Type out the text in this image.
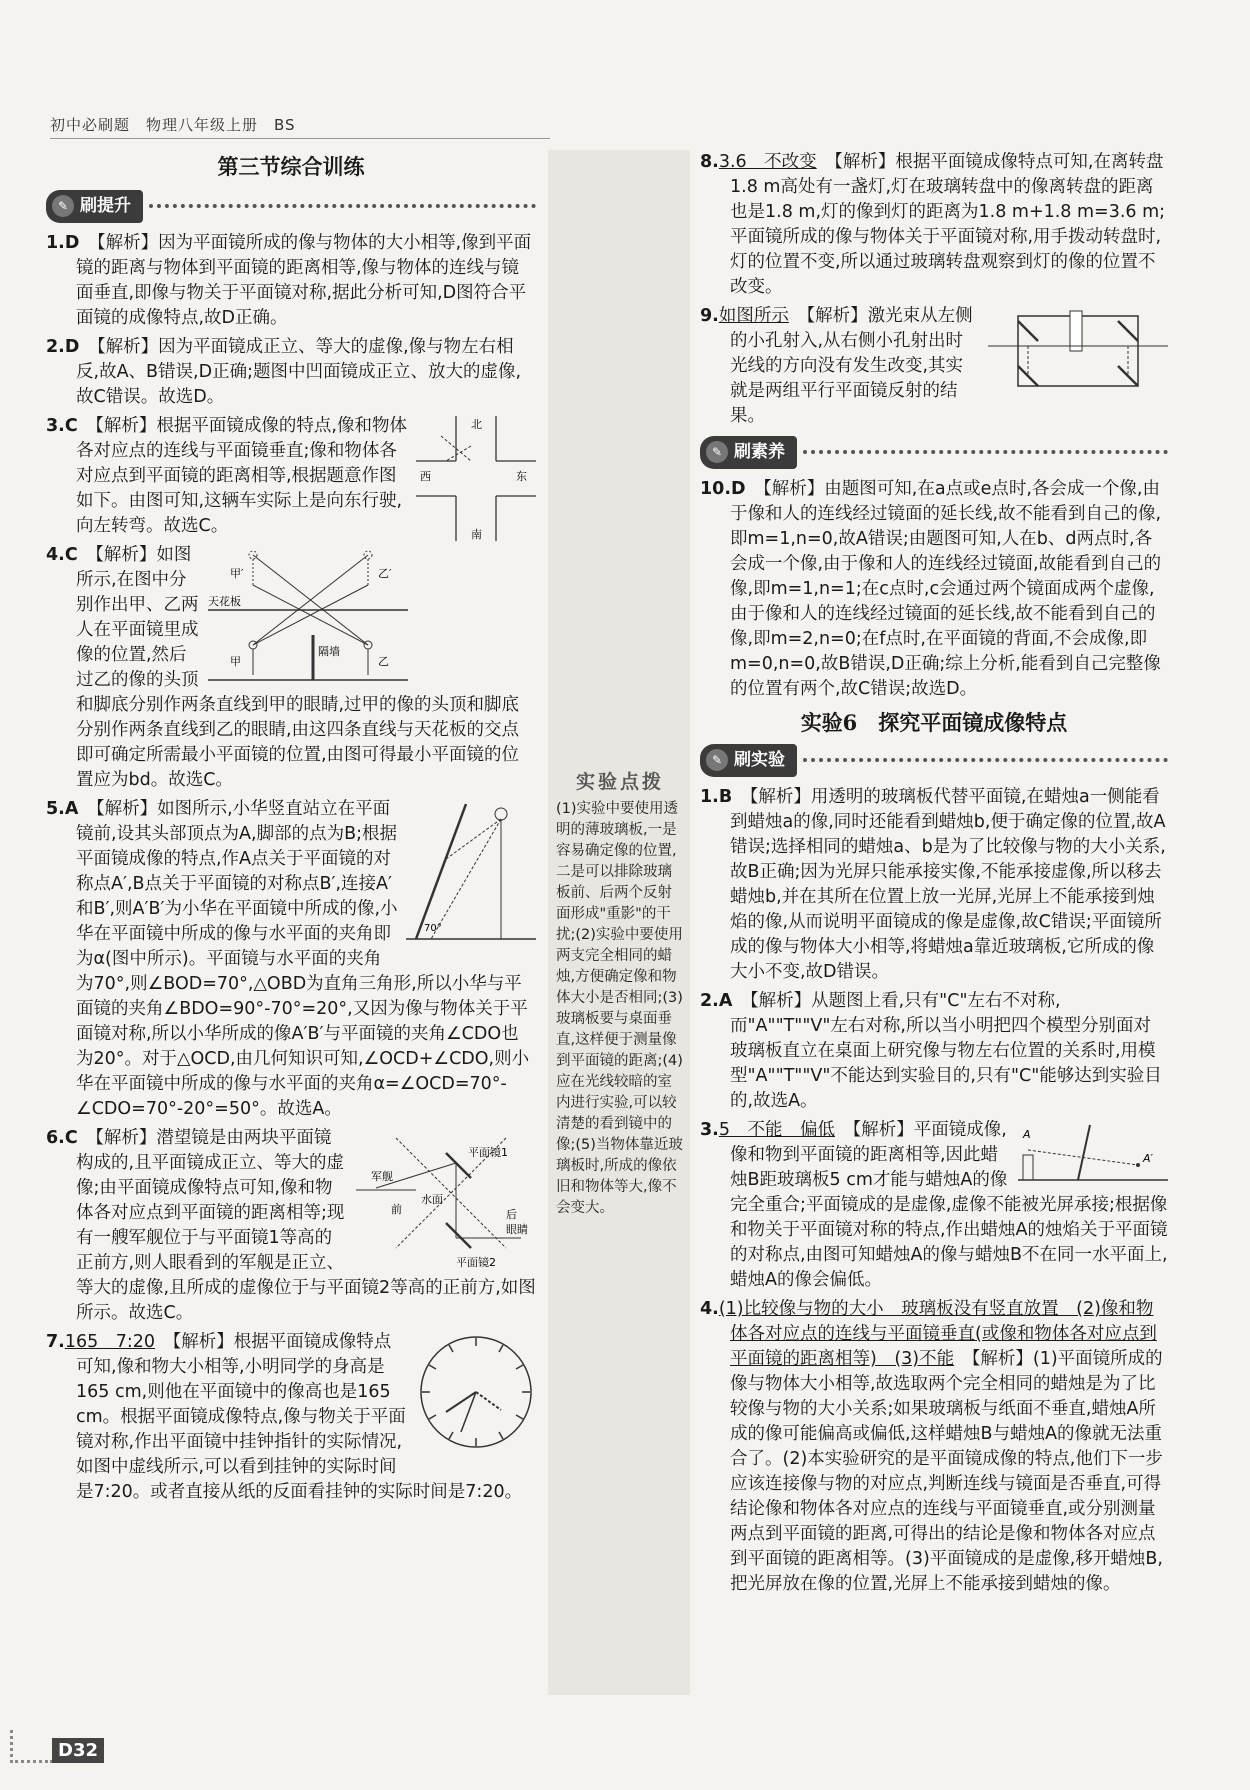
初中必刷题　物理八年级上册　BS
第三节综合训练
✎ 刷提升
1.D　 【解析】因为平面镜所成的像与物体的大小相等,像到平面镜的距离与物体到平面镜的距离相等,像与物体的连线与镜面垂直,即像与物关于平面镜对称,据此分析可知,D图符合平面镜的成像特点,故D正确。
2.D　 【解析】因为平面镜成正立、等大的虚像,像与物左右相反,故A、B错误,D正确;题图中凹面镜成正立、放大的虚像,故C错误。故选D。
北
南
东
西
3.C　 【解析】根据平面镜成像的特点,像和物体各对应点的连线与平面镜垂直;像和物体各对应点到平面镜的距离相等,根据题意作图如下。由图可知,这辆车实际上是向东行驶,向左转弯。故选C。
天花板
甲′
甲	乙
乙′
隔墙
4.C　 【解析】如图所示,在图中分别作出甲、乙两人在平面镜里成像的位置,然后过乙的像的头顶和脚底分别作两条直线到甲的眼睛,过甲的像的头顶和脚底分别作两条直线到乙的眼睛,由这四条直线与天花板的交点即可确定所需最小平面镜的位置,由图可得最小平面镜的位置应为bd。故选C。
70°
5.A　 【解析】如图所示,小华竖直站立在平面镜前,设其头部顶点为A,脚部的点为B;根据平面镜成像的特点,作A点关于平面镜的对称点A′,B点关于平面镜的对称点B′,连接A′和B′,则A′B′为小华在平面镜中所成的像,小华在平面镜中所成的像与水平面的夹角即为α(图中所示)。平面镜与水平面的夹角为70°,则∠BOD=70°,△OBD为直角三角形,所以小华与平面镜的夹角∠BDO=90°-70°=20°,又因为像与物体关于平面镜对称,所以小华所成的像A′B′与平面镜的夹角∠CDO也为20°。对于△OCD,由几何知识可知,∠OCD+∠CDO,则小华在平面镜中所成的像与水平面的夹角α=∠OCD=70°-∠CDO=70°-20°=50°。故选A。
军舰
平面镜1
平面镜2
水面
前	后
眼睛
6.C　 【解析】潜望镜是由两块平面镜构成的,且平面镜成正立、等大的虚像;由平面镜成像特点可知,像和物体各对应点到平面镜的距离相等;现有一艘军舰位于与平面镜1等高的正前方,则人眼看到的军舰是正立、等大的虚像,且所成的虚像位于与平面镜2等高的正前方,如图所示。故选C。
7.165　7:20　 【解析】根据平面镜成像特点可知,像和物大小相等,小明同学的身高是165 cm,则他在平面镜中的像高也是165 cm。根据平面镜成像特点,像与物关于平面镜对称,作出平面镜中挂钟指针的实际情况,如图中虚线所示,可以看到挂钟的实际时间是7:20。或者直接从纸的反面看挂钟的实际时间是7:20。
实验点拨
(1)实验中要使用透明的薄玻璃板,一是容易确定像的位置,二是可以排除玻璃板前、后两个反射面形成"重影"的干扰;(2)实验中要使用两支完全相同的蜡烛,方便确定像和物体大小是否相同;(3)玻璃板要与桌面垂直,这样便于测量像到平面镜的距离;(4)应在光线较暗的室内进行实验,可以较清楚的看到镜中的像;(5)当物体靠近玻璃板时,所成的像依旧和物体等大,像不会变大。
8.3.6　不改变　 【解析】根据平面镜成像特点可知,在离转盘1.8 m高处有一盏灯,灯在玻璃转盘中的像离转盘的距离也是1.8 m,灯的像到灯的距离为1.8 m+1.8 m=3.6 m;平面镜所成的像与物体关于平面镜对称,用手拨动转盘时,灯的位置不变,所以通过玻璃转盘观察到灯的像的位置不改变。
9.如图所示　 【解析】激光束从左侧的小孔射入,从右侧小孔射出时光线的方向没有发生改变,其实就是两组平行平面镜反射的结果。
✎ 刷素养
10.D　 【解析】由题图可知,在a点或e点时,各会成一个像,由于像和人的连线经过镜面的延长线,故不能看到自己的像,即m=1,n=0,故A错误;由题图可知,人在b、d两点时,各会成一个像,由于像和人的连线经过镜面,故能看到自己的像,即m=1,n=1;在c点时,c会通过两个镜面成两个虚像,由于像和人的连线经过镜面的延长线,故不能看到自己的像,即m=2,n=0;在f点时,在平面镜的背面,不会成像,即m=0,n=0,故B错误,D正确;综上分析,能看到自己完整像的位置有两个,故C错误;故选D。
实验6　探究平面镜成像特点
✎ 刷实验
1.B　 【解析】用透明的玻璃板代替平面镜,在蜡烛a一侧能看到蜡烛a的像,同时还能看到蜡烛b,便于确定像的位置,故A错误;选择相同的蜡烛a、b是为了比较像与物的大小关系,故B正确;因为光屏只能承接实像,不能承接虚像,所以移去蜡烛b,并在其所在位置上放一光屏,光屏上不能承接到烛焰的像,从而说明平面镜成的像是虚像,故C错误;平面镜所成的像与物体大小相等,将蜡烛a靠近玻璃板,它所成的像大小不变,故D错误。
2.A　 【解析】从题图上看,只有"C"左右不对称,而"A""T""V"左右对称,所以当小明把四个模型分别面对玻璃板直立在桌面上研究像与物左右位置的关系时,用模型"A""T""V"不能达到实验目的,只有"C"能够达到实验目的,故选A。
A
A′
3.5　不能　偏低　 【解析】平面镜成像,像和物到平面镜的距离相等,因此蜡烛B距玻璃板5 cm才能与蜡烛A的像完全重合;平面镜成的是虚像,虚像不能被光屏承接;根据像和物关于平面镜对称的特点,作出蜡烛A的烛焰关于平面镜的对称点,由图可知蜡烛A的像与蜡烛B不在同一水平面上,蜡烛A的像会偏低。
4.(1)比较像与物的大小　玻璃板没有竖直放置　(2)像和物体各对应点的连线与平面镜垂直(或像和物体各对应点到平面镜的距离相等)　(3)不能　 【解析】(1)平面镜所成的像与物体大小相等,故选取两个完全相同的蜡烛是为了比较像与物的大小关系;如果玻璃板与纸面不垂直,蜡烛A所成的像可能偏高或偏低,这样蜡烛B与蜡烛A的像就无法重合了。(2)本实验研究的是平面镜成像的特点,他们下一步应该连接像与物的对应点,判断连线与镜面是否垂直,可得结论像和物体各对应点的连线与平面镜垂直,或分别测量两点到平面镜的距离,可得出的结论是像和物体各对应点到平面镜的距离相等。(3)平面镜成的是虚像,移开蜡烛B,把光屏放在像的位置,光屏上不能承接到蜡烛的像。
D32
